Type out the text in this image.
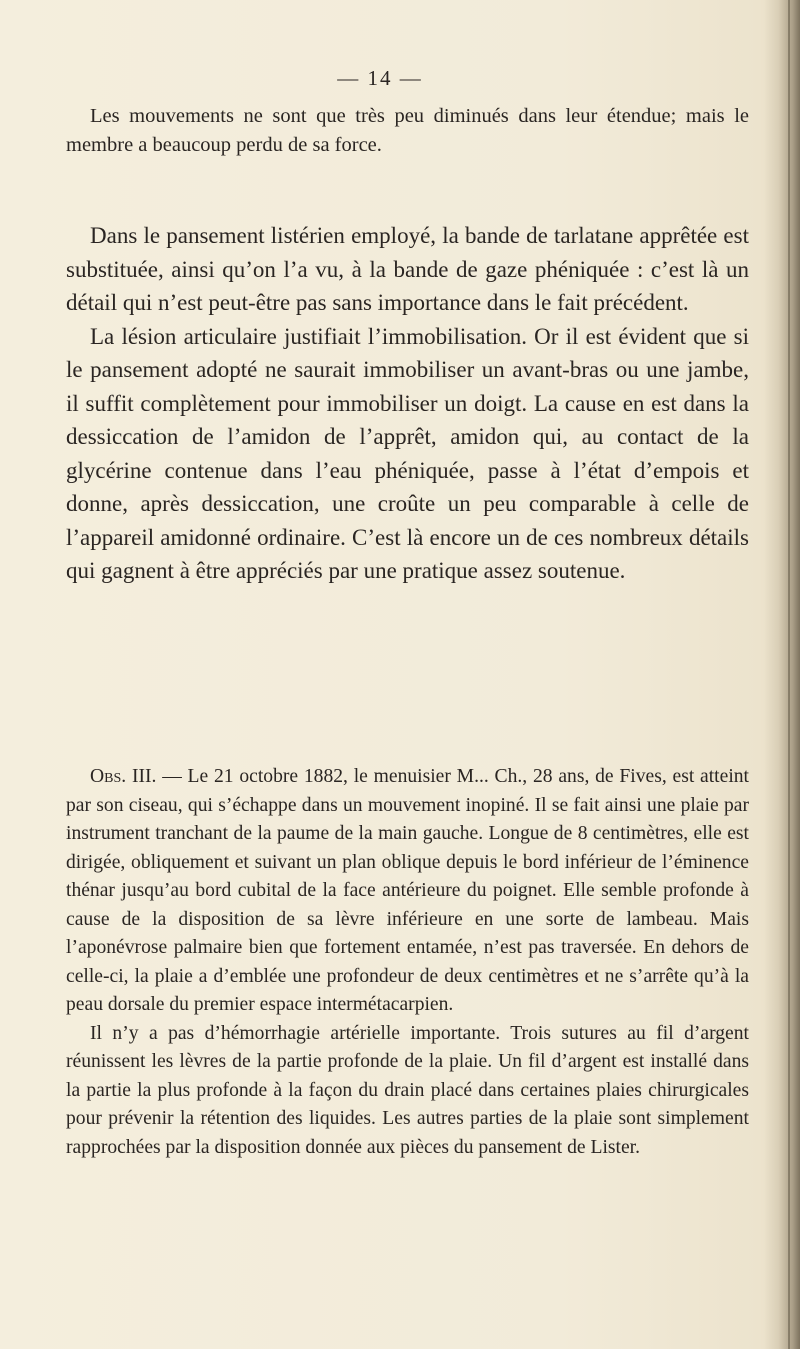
— 14 —

Les mouvements ne sont que très peu diminués dans leur étendue; mais le membre a beaucoup perdu de sa force.

Dans le pansement listérien employé, la bande de tarlatane apprêtée est substituée, ainsi qu’on l’a vu, à la bande de gaze phéniquée : c’est là un détail qui n’est peut-être pas sans importance dans le fait précédent.

La lésion articulaire justifiait l’immobilisation. Or il est évident que si le pansement adopté ne saurait immobiliser un avant-bras ou une jambe, il suffit complètement pour immobiliser un doigt. La cause en est dans la dessiccation de l’amidon de l’apprêt, amidon qui, au contact de la glycérine contenue dans l’eau phéniquée, passe à l’état d’empois et donne, après dessiccation, une croûte un peu comparable à celle de l’appareil amidonné ordinaire. C’est là encore un de ces nombreux détails qui gagnent à être appréciés par une pratique assez soutenue.

Obs. III. — Le 21 octobre 1882, le menuisier M... Ch., 28 ans, de Fives, est atteint par son ciseau, qui s’échappe dans un mouvement inopiné. Il se fait ainsi une plaie par instrument tranchant de la paume de la main gauche. Longue de 8 centimètres, elle est dirigée, obliquement et suivant un plan oblique depuis le bord inférieur de l’éminence thénar jusqu’au bord cubital de la face antérieure du poignet. Elle semble profonde à cause de la disposition de sa lèvre inférieure en une sorte de lambeau. Mais l’aponévrose palmaire bien que fortement entamée, n’est pas traversée. En dehors de celle-ci, la plaie a d’emblée une profondeur de deux centimètres et ne s’arrête qu’à la peau dorsale du premier espace intermétacarpien.

Il n’y a pas d’hémorrhagie artérielle importante. Trois sutures au fil d’argent réunissent les lèvres de la partie profonde de la plaie. Un fil d’argent est installé dans la partie la plus profonde à la façon du drain placé dans certaines plaies chirurgicales pour prévenir la rétention des liquides. Les autres parties de la plaie sont simplement rapprochées par la disposition donnée aux pièces du pansement de Lister.
